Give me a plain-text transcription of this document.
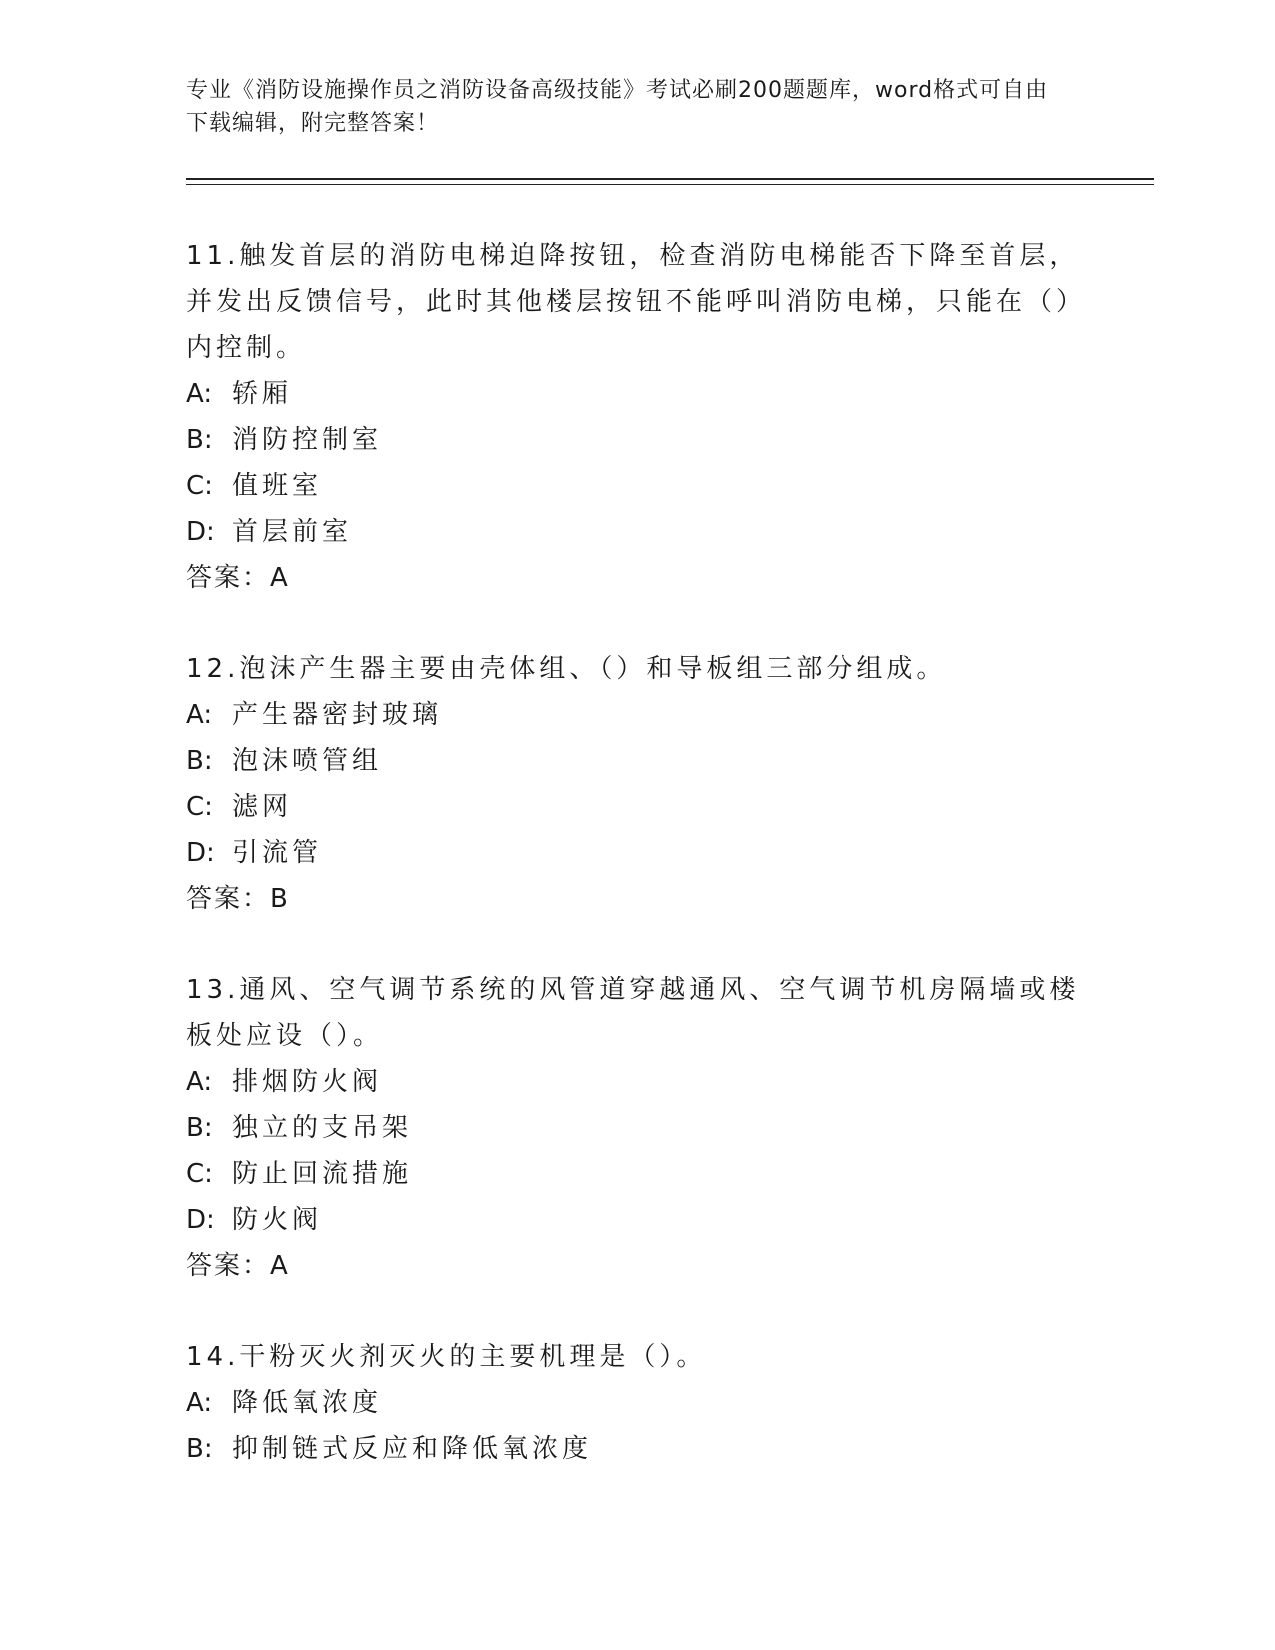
专业《消防设施操作员之消防设备高级技能》考试必刷200题题库，word格式可自由下载编辑，附完整答案！
11.触发首层的消防电梯迫降按钮，检查消防电梯能否下降至首层，并发出反馈信号，此时其他楼层按钮不能呼叫消防电梯，只能在（）内控制。
A: 轿厢
B: 消防控制室
C: 值班室
D: 首层前室
答案：A
12.泡沫产生器主要由壳体组、（）和导板组三部分组成。
A: 产生器密封玻璃
B: 泡沫喷管组
C: 滤网
D: 引流管
答案：B
13.通风、空气调节系统的风管道穿越通风、空气调节机房隔墙或楼板处应设（）。
A: 排烟防火阀
B: 独立的支吊架
C: 防止回流措施
D: 防火阀
答案：A
14.干粉灭火剂灭火的主要机理是（）。
A: 降低氧浓度
B: 抑制链式反应和降低氧浓度
